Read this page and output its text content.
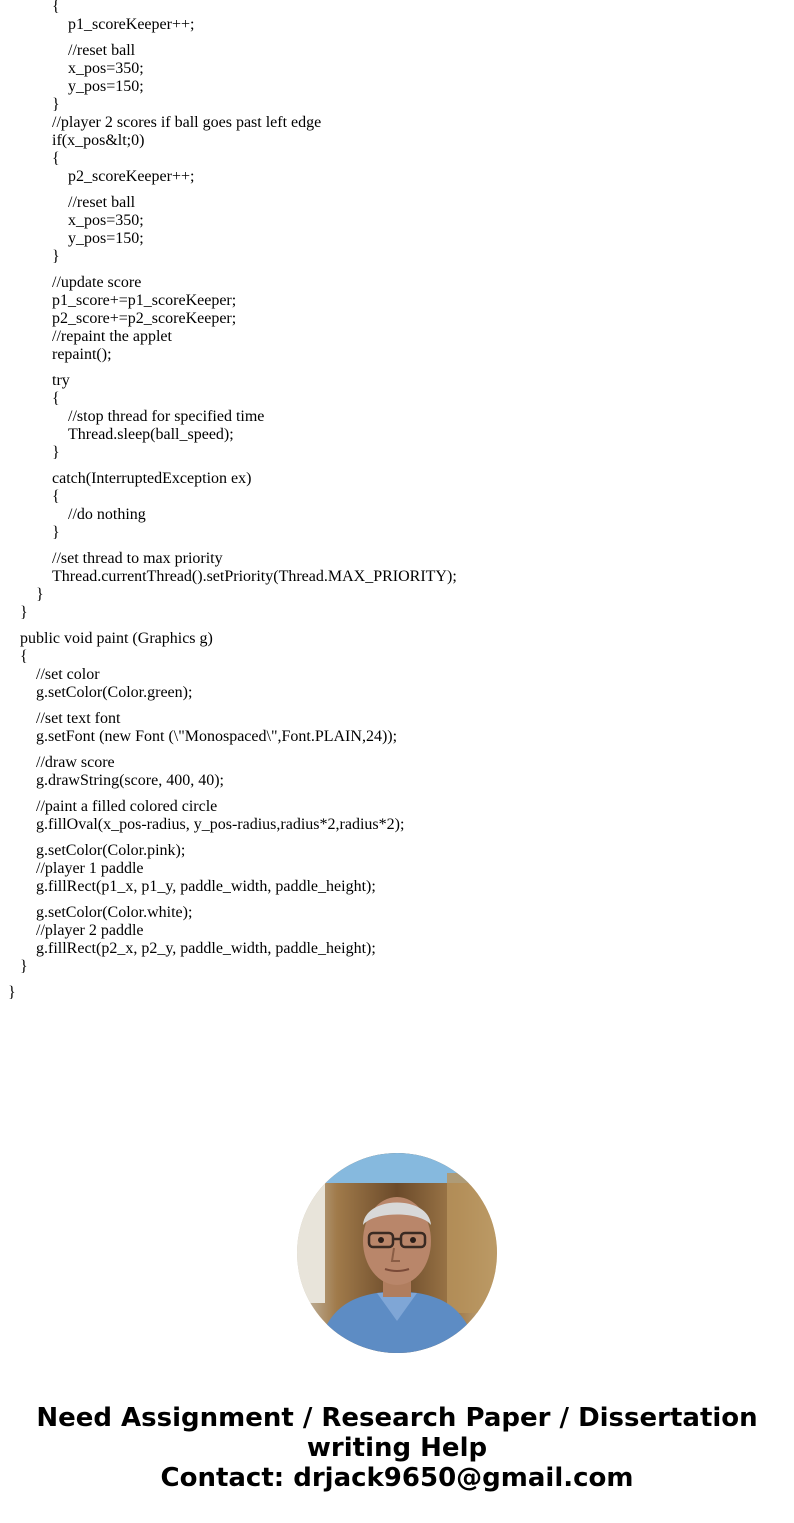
{
p1_scoreKeeper++;
//reset ball
x_pos=350;
y_pos=150;
}
//player 2 scores if ball goes past left edge
if(x_pos&lt;0)
{
p2_scoreKeeper++;
//reset ball
x_pos=350;
y_pos=150;
}
//update score
p1_score+=p1_scoreKeeper;
p2_score+=p2_scoreKeeper;
//repaint the applet
repaint();
try
{
//stop thread for specified time
Thread.sleep(ball_speed);
}
catch(InterruptedException ex)
{
//do nothing
}
//set thread to max priority
Thread.currentThread().setPriority(Thread.MAX_PRIORITY);
}
}
public void paint (Graphics g)
{
//set color
g.setColor(Color.green);
//set text font
g.setFont (new Font (\"Monospaced\",Font.PLAIN,24));
//draw score
g.drawString(score, 400, 40);
//paint a filled colored circle
g.fillOval(x_pos-radius, y_pos-radius,radius*2,radius*2);
g.setColor(Color.pink);
//player 1 paddle
g.fillRect(p1_x, p1_y, paddle_width, paddle_height);
g.setColor(Color.white);
//player 2 paddle
g.fillRect(p2_x, p2_y, paddle_width, paddle_height);
}
}
Need Assignment / Research Paper / Dissertation
writing Help
Contact: drjack9650@gmail.com
